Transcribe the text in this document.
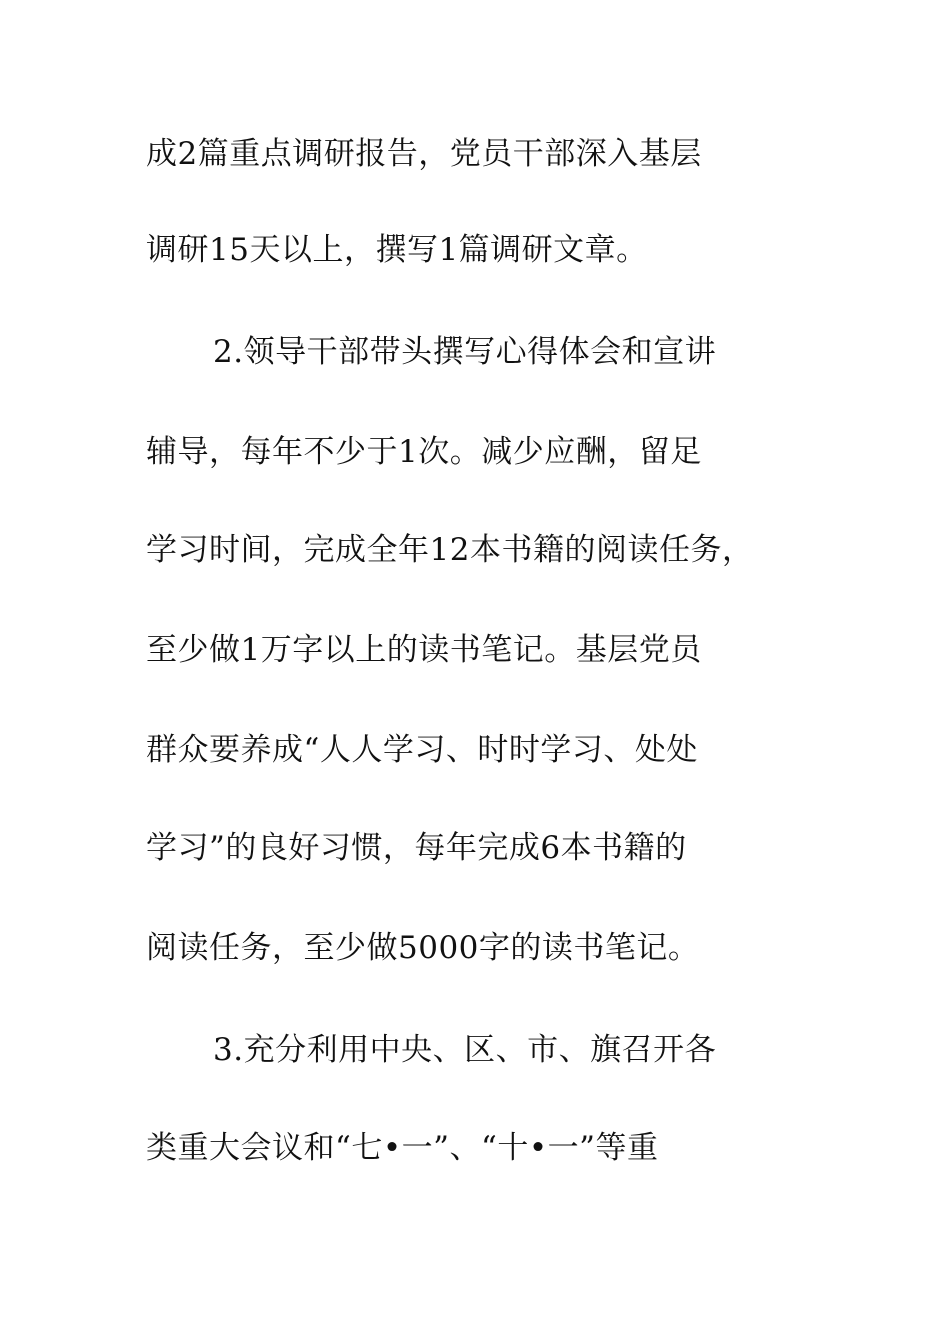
成2篇重点调研报告，党员干部深入基层
调研15天以上，撰写1篇调研文章。
2.领导干部带头撰写心得体会和宣讲
辅导，每年不少于1次。减少应酬，留足
学习时间，完成全年12本书籍的阅读任务，
至少做1万字以上的读书笔记。基层党员
群众要养成“人人学习、时时学习、处处
学习”的良好习惯，每年完成6本书籍的
阅读任务，至少做5000字的读书笔记。
3.充分利用中央、区、市、旗召开各
类重大会议和“七•一”、“十•一”等重
